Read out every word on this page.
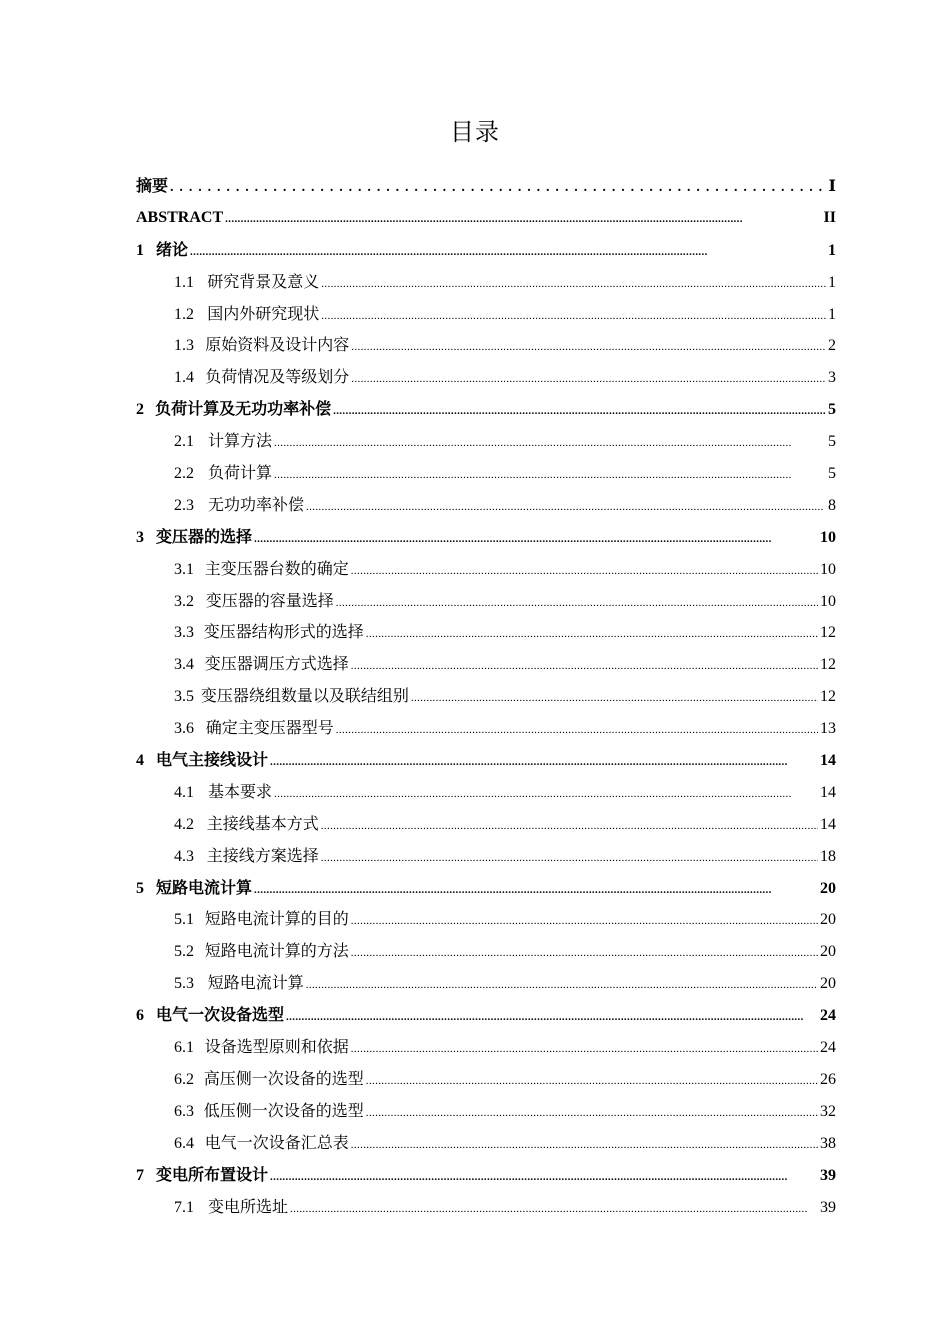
目录
摘要 . . .	Ⅰ
ABSTRACT . . .	II
1 绪论 . . .	1
1.1 研究背景及意义 . . .	1
1.2 国内外研究现状 . . .	1
1.3 原始资料及设计内容 . . .	2
1.4 负荷情况及等级划分 . . .	3
2 负荷计算及无功功率补偿 . . .	5
2.1 计算方法 . . .	5
2.2 负荷计算 . . .	5
2.3 无功功率补偿 . . .	8
3 变压器的选择 . . .	10
3.1 主变压器台数的确定 . . .	10
3.2 变压器的容量选择 . . .	10
3.3 变压器结构形式的选择 . . .	12
3.4 变压器调压方式选择 . . .	12
3.5 变压器绕组数量以及联结组别 . . .	12
3.6 确定主变压器型号 . . .	13
4 电气主接线设计 . . .	14
4.1 基本要求 . . .	14
4.2 主接线基本方式 . . .	14
4.3 主接线方案选择 . . .	18
5 短路电流计算 . . .	20
5.1 短路电流计算的目的 . . .	20
5.2 短路电流计算的方法 . . .	20
5.3 短路电流计算 . . .	20
6 电气一次设备选型 . . .	24
6.1 设备选型原则和依据 . . .	24
6.2 高压侧一次设备的选型 . . .	26
6.3 低压侧一次设备的选型 . . .	32
6.4 电气一次设备汇总表 . . .	38
7 变电所布置设计 . . .	39
7.1 变电所选址 . . .	39
